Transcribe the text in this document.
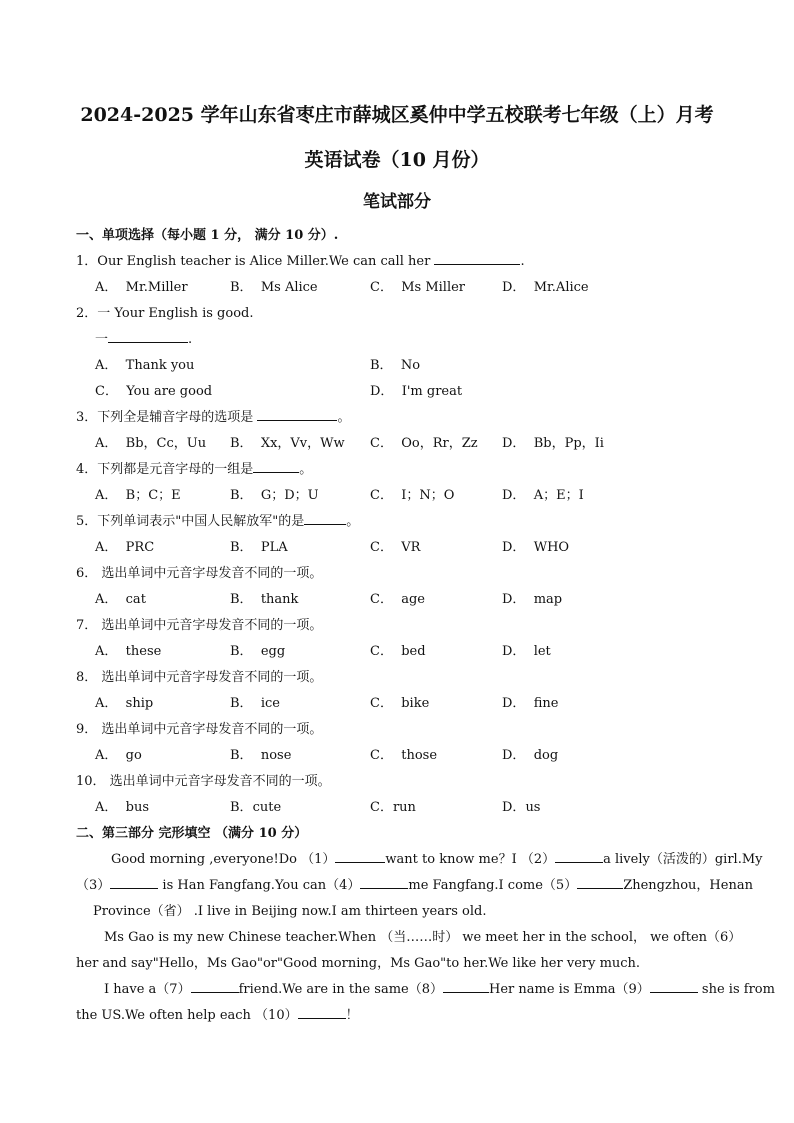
2024-2025 学年山东省枣庄市薛城区奚仲中学五校联考七年级（上）月考
英语试卷（10 月份）
笔试部分
一、单项选择（每小题 1 分， 满分 10 分）.
1．Our English teacher is Alice Miller.We can call her	.
A． Mr.Miller	B． Ms Alice	C． Ms Miller	D． Mr.Alice
2．一 Your English is good.
一	.
A． Thank you	B． No
C． You are good	D． I'm great
3．下列全是辅音字母的选项是	。
A． Bb，Cc，Uu B． Xx，Vv，Ww C． Oo，Rr，Zz D． Bb，Pp，Ii
4．下列都是元音字母的一组是	。
A． B；C；E	B． G；D；U	C． I；N；O	D． A；E；I
5．下列单词表示"中国人民解放军"的是	。
A． PRC	B． PLA	C． VR	D． WHO
6． 选出单词中元音字母发音不同的一项。
A． cat	B． thank	C． age	D． map
7． 选出单词中元音字母发音不同的一项。
A． these	B． egg	C． bed	D． let
8． 选出单词中元音字母发音不同的一项。
A． ship	B． ice	C． bike	D． fine
9． 选出单词中元音字母发音不同的一项。
A． go	B． nose	C． those	D． dog
10． 选出单词中元音字母发音不同的一项。
A． bus	B．cute	C．run	D．us
二、第三部分 完形填空 （满分 10 分）
Good morning ,everyone!Do （1）	want to know me？I （2）	a lively（活泼的）girl.My
（3）	is Han Fangfang.You can（4）	me Fangfang.I come（5）	Zhengzhou，Henan
Province（省） .I live in Beijing now.I am thirteen years old.
Ms Gao is my new Chinese teacher.When （当……时） we meet her in the school， we often（6）
her and say"Hello，Ms Gao"or"Good morning，Ms Gao"to her.We like her very much.
I have a（7）	friend.We are in the same（8）	Her name is Emma（9）	she is from
the US.We often help each （10）	！
